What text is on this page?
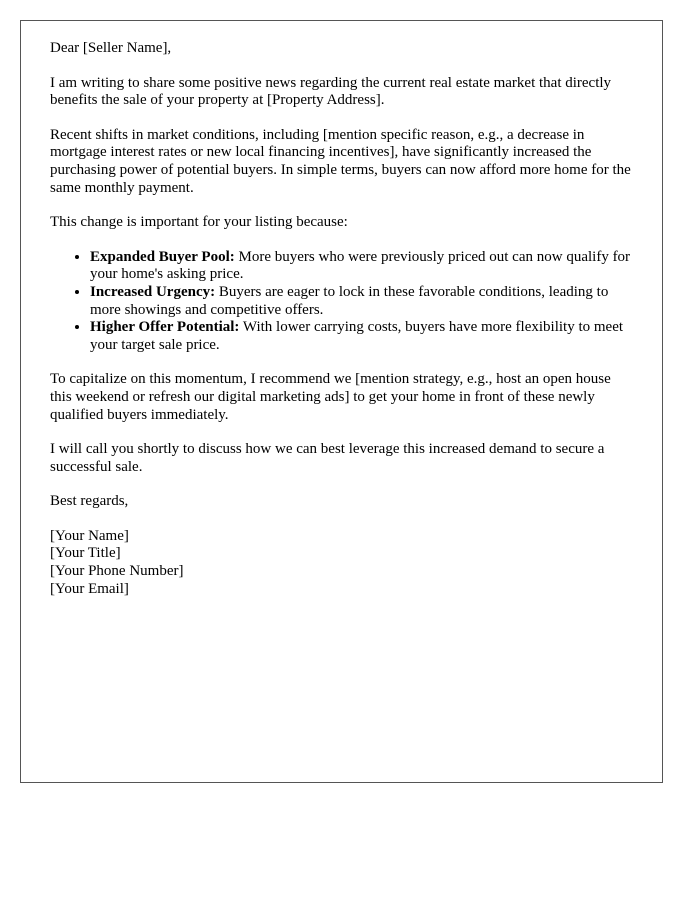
Dear [Seller Name],

I am writing to share some positive news regarding the current real estate market that directly benefits the sale of your property at [Property Address].

Recent shifts in market conditions, including [mention specific reason, e.g., a decrease in mortgage interest rates or new local financing incentives], have significantly increased the purchasing power of potential buyers. In simple terms, buyers can now afford more home for the same monthly payment.

This change is important for your listing because:

• Expanded Buyer Pool: More buyers who were previously priced out can now qualify for your home's asking price.
• Increased Urgency: Buyers are eager to lock in these favorable conditions, leading to more showings and competitive offers.
• Higher Offer Potential: With lower carrying costs, buyers have more flexibility to meet your target sale price.

To capitalize on this momentum, I recommend we [mention strategy, e.g., host an open house this weekend or refresh our digital marketing ads] to get your home in front of these newly qualified buyers immediately.

I will call you shortly to discuss how we can best leverage this increased demand to secure a successful sale.

Best regards,

[Your Name]
[Your Title]
[Your Phone Number]
[Your Email]
